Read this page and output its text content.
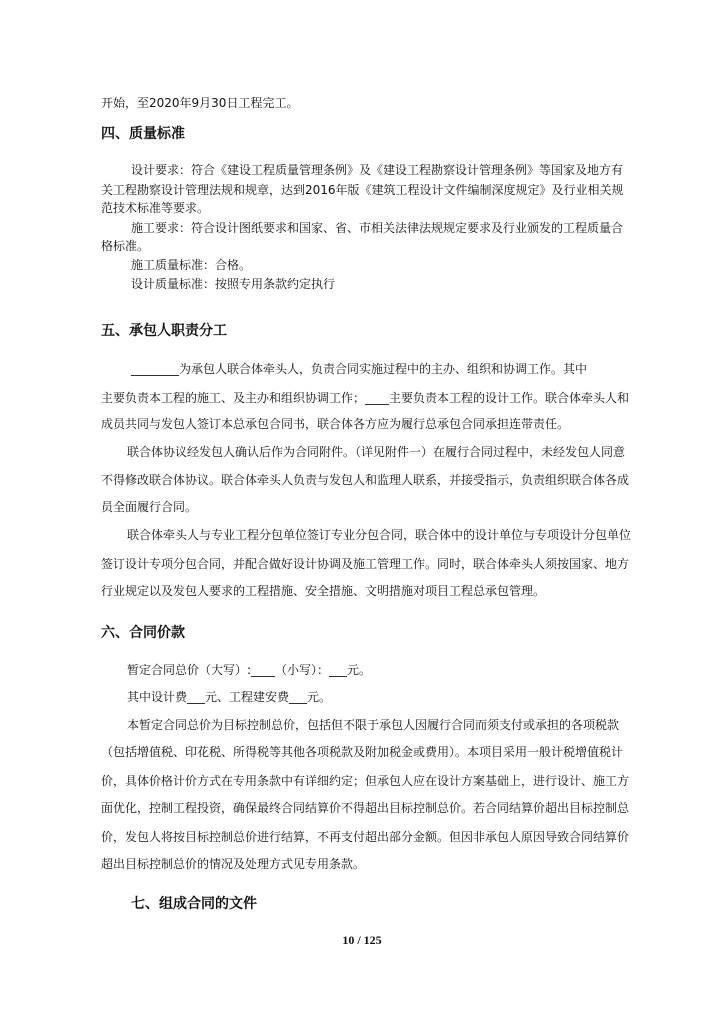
开始，至2020年9月30日工程完工。
四、质量标准
设计要求：符合《建设工程质量管理条例》及《建设工程勘察设计管理条例》等国家及地方有
关工程勘察设计管理法规和规章，达到2016年版《建筑工程设计文件编制深度规定》及行业相关规
范技术标准等要求。
施工要求：符合设计图纸要求和国家、省、市相关法律法规规定要求及行业颁发的工程质量合
格标准。
施工质量标准：合格。
设计质量标准：按照专用条款约定执行
五、承包人职责分工
________为承包人联合体牵头人，负责合同实施过程中的主办、组织和协调工作。其中
主要负责本工程的施工、及主办和组织协调工作；____主要负责本工程的设计工作。联合体牵头人和
成员共同与发包人签订本总承包合同书，联合体各方应为履行总承包合同承担连带责任。
联合体协议经发包人确认后作为合同附件。（详见附件一）在履行合同过程中，未经发包人同意
不得修改联合体协议。联合体牵头人负责与发包人和监理人联系，并接受指示，负责组织联合体各成
员全面履行合同。
联合体牵头人与专业工程分包单位签订专业分包合同，联合体中的设计单位与专项设计分包单位
签订设计专项分包合同，并配合做好设计协调及施工管理工作。同时，联合体牵头人须按国家、地方
行业规定以及发包人要求的工程措施、安全措施、文明措施对项目工程总承包管理。
六、合同价款
暂定合同总价（大写）:____（小写）：___元。
其中设计费___元、工程建安费___元。
本暂定合同总价为目标控制总价，包括但不限于承包人因履行合同而须支付或承担的各项税款
（包括增值税、印花税、所得税等其他各项税款及附加税金或费用）。本项目采用一般计税增值税计
价，具体价格计价方式在专用条款中有详细约定；但承包人应在设计方案基础上，进行设计、施工方
面优化，控制工程投资，确保最终合同结算价不得超出目标控制总价。若合同结算价超出目标控制总
价，发包人将按目标控制总价进行结算，不再支付超出部分金额。但因非承包人原因导致合同结算价
超出目标控制总价的情况及处理方式见专用条款。
七、组成合同的文件
10 / 125
